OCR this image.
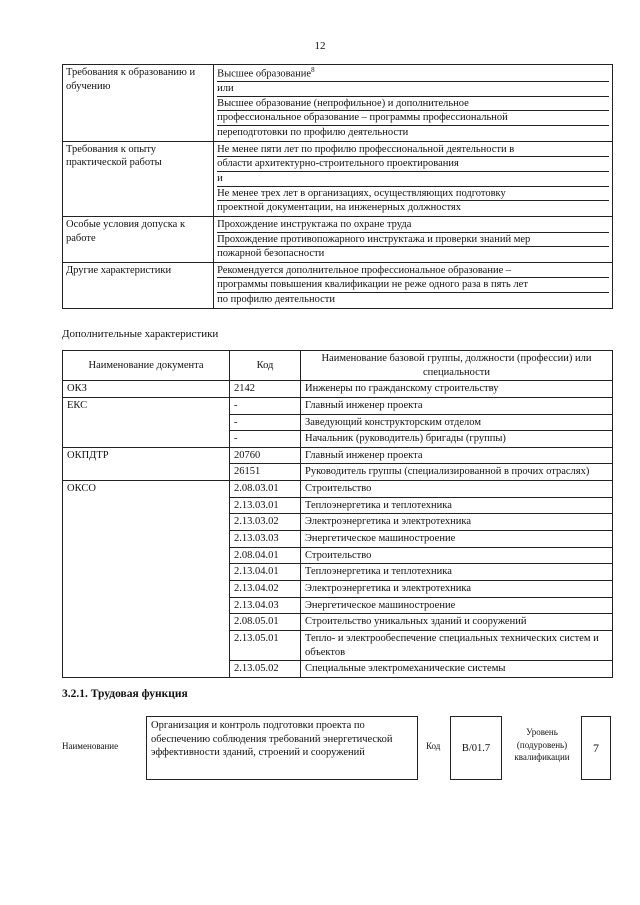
12
Требования к образованию и обучению	Высшее образование$^8$
или
Высшее образование (непрофильное) и дополнительное
профессиональное образование – программы профессиональной
переподготовки по профилю деятельности

Требования к опыту практической работы	Не менее пяти лет по профилю профессиональной деятельности в
области архитектурно-строительного проектирования
и
Не менее трех лет в организациях, осуществляющих подготовку
проектной документации, на инженерных должностях

Особые условия допуска к работе	Прохождение инструктажа по охране труда
Прохождение противопожарного инструктажа и проверки знаний мер
пожарной безопасности

Другие характеристики	Рекомендуется дополнительное профессиональное образование –
программы повышения квалификации не реже одного раза в пять лет
по профилю деятельности
Дополнительные характеристики
Наименование документа	Код	Наименование базовой группы, должности (профессии) или специальности
ОКЗ	2142	Инженеры по гражданскому строительству
ЕКС	-	Главный инженер проекта
	-	Заведующий конструкторским отделом
	-	Начальник (руководитель) бригады (группы)
ОКПДТР	20760	Главный инженер проекта
	26151	Руководитель группы (специализированной в прочих отраслях)
ОКСО	2.08.03.01	Строительство
	2.13.03.01	Теплоэнергетика и теплотехника
	2.13.03.02	Электроэнергетика и электротехника
	2.13.03.03	Энергетическое машиностроение
	2.08.04.01	Строительство
	2.13.04.01	Теплоэнергетика и теплотехника
	2.13.04.02	Электроэнергетика и электротехника
	2.13.04.03	Энергетическое машиностроение
	2.08.05.01	Строительство уникальных зданий и сооружений
	2.13.05.01	Тепло- и электрообеспечение специальных технических систем и объектов
	2.13.05.02	Специальные электромеханические системы
3.2.1. Трудовая функция
Наименование
Организация и контроль подготовки проекта по обеспечению соблюдения требований энергетической эффективности зданий, строений и сооружений
Код B/01.7
Уровень (подуровень) квалификации
7
